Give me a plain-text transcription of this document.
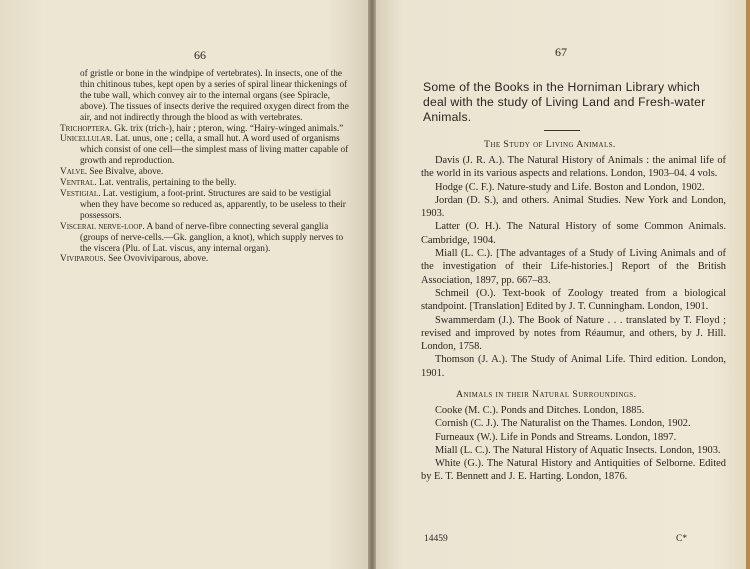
66

of gristle or bone in the windpipe of vertebrates). In insects, one of the thin chitinous tubes, kept open by a series of spiral linear thickenings of the tube wall, which convey air to the internal organs (see Spiracle, above). The tissues of insects derive the required oxygen direct from the air, and not indirectly through the blood as with vertebrates.

Trichoptera. Gk. trix (trich-), hair ; pteron, wing. “Hairy-winged animals.”

Unicellular. Lat. unus, one ; cella, a small hut. A word used of organisms which consist of one cell—the simplest mass of living matter capable of growth and reproduction.

Valve. See Bivalve, above.

Ventral. Lat. ventralis, pertaining to the belly.

Vestigial. Lat. vestigium, a foot-print. Structures are said to be vestigial when they have become so reduced as, apparently, to be useless to their possessors.

Visceral nerve-loop. A band of nerve-fibre connecting several ganglia (groups of nerve-cells.—Gk. ganglion, a knot), which supply nerves to the viscera (Plu. of Lat. viscus, any internal organ).

Viviparous. See Ovoviviparous, above.

67
Some of the Books in the Horniman Library which deal with the study of Living Land and Fresh-water Animals.
The Study of Living Animals.

Davis (J. R. A.). The Natural History of Animals : the animal life of the world in its various aspects and relations. London, 1903–04. 4 vols.

Hodge (C. F.). Nature-study and Life. Boston and London, 1902.

Jordan (D. S.), and others. Animal Studies. New York and London, 1903.

Latter (O. H.). The Natural History of some Common Animals. Cambridge, 1904.

Miall (L. C.). [The advantages of a Study of Living Animals and of the investigation of their Life-histories.] Report of the British Association, 1897, pp. 667–83.

Schmeil (O.). Text-book of Zoology treated from a biological standpoint. [Translation] Edited by J. T. Cunningham. London, 1901.

Swammerdam (J.). The Book of Nature . . . translated by T. Floyd ; revised and improved by notes from Réaumur, and others, by J. Hill. London, 1758.

Thomson (J. A.). The Study of Animal Life. Third edition. London, 1901.

Animals in their Natural Surroundings.

Cooke (M. C.). Ponds and Ditches. London, 1885.

Cornish (C. J.). The Naturalist on the Thames. London, 1902.

Furneaux (W.). Life in Ponds and Streams. London, 1897.

Miall (L. C.). The Natural History of Aquatic Insects. London, 1903.

White (G.). The Natural History and Antiquities of Selborne. Edited by E. T. Bennett and J. E. Harting. London, 1876.

14459	C*
